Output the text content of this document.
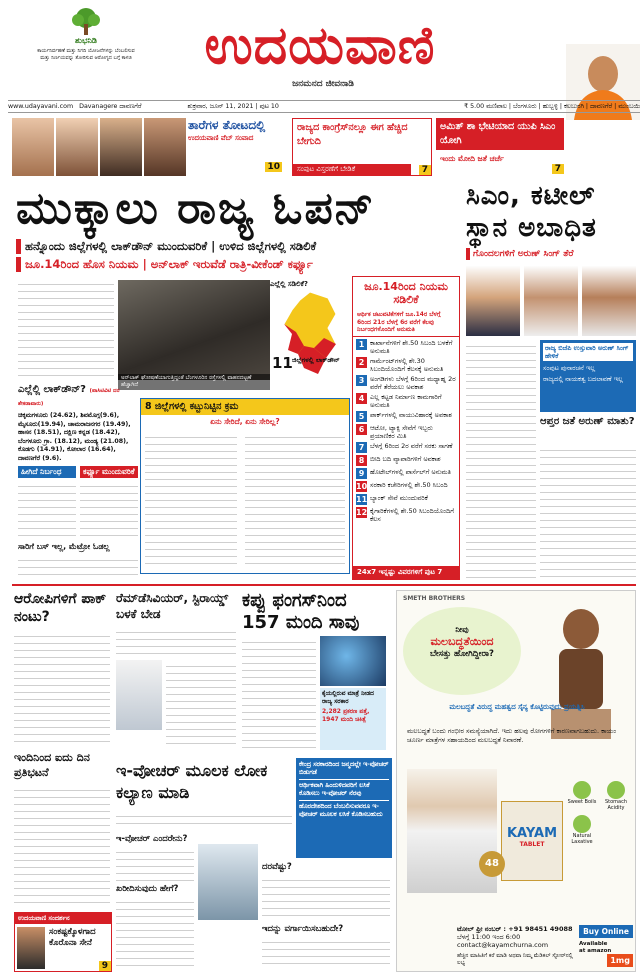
ಶುಭನಿಡಿ
ಕಾರ್ಯನಿರ್ವಹಣೆ ಮತ್ತು ನಿಗದಿ ಯೋಜನೆಗಳನ್ನು ಬೆಂಬಲಿಸುವ ಮತ್ತು ನಿರ್ಣಯವನ್ನು ತೋರಿಸುವ ಆರೋಗ್ಯದ ಬಗ್ಗೆ ಕಾಳಜಿ	ಉದಯವಾಣಿ
ಜನಮನದ ಜೀವನಾಡಿ
www.udayavani.com Davanagere ದಾವಣಗೆರೆ	ಶುಕ್ರವಾರ, ಜೂನ್ 11, 2021 | ಪುಟ 10	₹ 5.00 ಮಣಿಪಾಲ | ಬೆಂಗಳೂರು | ಹುಬ್ಬಳ್ಳಿ | ಕಲಬುರಗಿ | ದಾವಣಗೆರೆ | ಮುಂಬಯಿ
ತಾರೆಗಳ ತೋಟದಲ್ಲಿ
ಉದಯವಾಣಿ ವೆಬ್ ಸಂವಾದ
10
ರಾಜ್ಯದ ಕಾಂಗ್ರೆಸ್‌ನಲ್ಲೂ ಈಗ ಹೆಚ್ಚಿದ ಬೇಗುದಿ
ಸಂಪುಟ ವಿಸ್ತರಣೆಗೆ ಬೇಡಿಕೆ	7
ಅಮಿತ್ ಶಾ ಭೇಟಿಯಾದ ಯುಪಿ ಸಿಎಂ ಯೋಗಿ
ಇಂದು ಮೋದಿ ಜತೆ ಚರ್ಚೆ
7
ಮುಕ್ಕಾಲು ರಾಜ್ಯ ಓಪನ್
ಹನ್ನೊಂದು ಜಿಲ್ಲೆಗಳಲ್ಲಿ ಲಾಕ್‌ಡೌನ್ ಮುಂದುವರಿಕೆ | ಉಳಿದ ಜಿಲ್ಲೆಗಳಲ್ಲಿ ಸಡಿಲಿಕೆ
ಜೂ.14ರಿಂದ ಹೊಸ ನಿಯಮ | ಅನ್‌ಲಾಕ್ ಇರುವೆಡೆ ರಾತ್ರಿ-ವೀಕೆಂಡ್ ಕರ್ಫ್ಯೂ
ಅನ್‌ಲಾಕ್ ಘೋಷಣೆಯಾಗುತ್ತಿದ್ದಂತೆ ಬೆಂಗಳೂರಿನ ರಸ್ತೆಗಳಲ್ಲಿ ವಾಹನದಟ್ಟಣೆ ಹೆಚ್ಚಾಗಿದೆ
ಎಲ್ಲೆಲ್ಲಿ ಸಡಿಲಿಕೆ?
11 ಜಿಲ್ಲೆಗಳಲ್ಲಿ ಲಾಕ್‌ಡೌನ್
ಜೂ.14ರಿಂದ ನಿಯಮ ಸಡಿಲಿಕೆ
ಆರ್ಥಿಕ ಚಟುವಟಿಕೆಗಳಿಗೆ ಜೂ.14ರ ಬೆಳಗ್ಗೆ 6ರಿಂದ 21ರ ಬೆಳಗ್ಗೆ 6ರ ವರೆಗೆ ಕೆಲವು ನಿರ್ಬಂಧಗಳೊಂದಿಗೆ ಅನುಮತಿ
1 ಕಾರ್ಖಾನೆಗಳಿಗೆ ಶೇ.50 ಸಿಬಂದಿ ಬಳಕೆಗೆ ಅನುಮತಿ
2 ಗಾರ್ಮೆಂಟ್‌ಗಳಲ್ಲಿ ಶೇ.30 ಸಿಬಂದಿಯೊಂದಿಗೆ ಕೆಲಸಕ್ಕೆ ಅನುಮತಿ
3 ಅಂಗಡಿಗಳು ಬೆಳಗ್ಗೆ 6ರಿಂದ ಮಧ್ಯಾಹ್ನ 2ರ ವರೆಗೆ ತೆರೆಯಲು ಅವಕಾಶ
4 ಎಲ್ಲ ಕಟ್ಟಡ ನಿರ್ಮಾಣ ಕಾಮಗಾರಿಗೆ ಅನುಮತಿ
5 ಪಾರ್ಕ್‌ಗಳಲ್ಲಿ ವಾಯುವಿಹಾರಕ್ಕೆ ಅವಕಾಶ
6 ಆಟೋ, ಟ್ಯಾಕ್ಸಿ ಸೇವೆಗೆ ಇಬ್ಬರು ಪ್ರಯಾಣಿಕರ ಮಿತಿ
7 ಬೆಳಗ್ಗೆ 6ರಿಂದ 2ರ ವರೆಗೆ ಸರಕು ಸಾಗಣೆ
8 ಬೀದಿ ಬದಿ ವ್ಯಾಪಾರಿಗಳಿಗೆ ಅವಕಾಶ
9 ಹೊಟೇಲ್‌ಗಳಲ್ಲಿ ಪಾರ್ಸೆಲ್‌ಗೆ ಅನುಮತಿ
10 ಸರಕಾರಿ ಕಚೇರಿಗಳಲ್ಲಿ ಶೇ.50 ಸಿಬಂದಿ
11 ಬ್ಯಾಂಕ್ ಸೇವೆ ಮುಂದುವರಿಕೆ
12 ಕೈಗಾರಿಕೆಗಳಲ್ಲಿ ಶೇ.50 ಸಿಬಂದಿಯೊಂದಿಗೆ ಕೆಲಸ
24x7 ಇನ್ನಷ್ಟು ವಿವರಗಳಿಗೆ ಪುಟ 7
ಎಲ್ಲೆಲ್ಲಿ ಲಾಕ್‌ಡೌನ್? (ಪಾಸಿಟಿವಿಟಿ ದರ ಶೇಕಡಾವಾರು)
ಚಿಕ್ಕಮಗಳೂರು (24.62), ಶಿವಮೊಗ್ಗ(9.6), ಮೈಸೂರು(19.94), ಚಾಮರಾಜನಗರ (19.49), ಹಾಸನ (18.51), ದಕ್ಷಿಣ ಕನ್ನಡ (18.42), ಬೆಂಗಳೂರು ಗ್ರಾ. (18.12), ಮಂಡ್ಯ (21.08), ಕೊಡಗು (14.91), ಕೋಲಾರ (16.64), ದಾವಣಗೆರೆ (9.6).
8 ಜಿಲ್ಲೆಗಳಲ್ಲಿ ಕಟ್ಟುನಿಟ್ಟಿನ ಕ್ರಮ
ಏನು ಸೇರಿದೆ, ಏನು ಸೇರಿಲ್ಲ?
ಹೀಗಿದೆ ನಿರ್ಬಂಧ	ಕರ್ಫ್ಯೂ ಮುಂದುವರಿಕೆ
ಸಾರಿಗೆ ಬಸ್ ಇಲ್ಲ, ಮೆಟ್ರೋ ಓಡಲ್ಲ
ಸಿಎಂ, ಕಟೀಲ್ ಸ್ಥಾನ ಅಬಾಧಿತ
ಗೊಂದಲಗಳಿಗೆ ಅರುಣ್ ಸಿಂಗ್ ತೆರೆ
ರಾಜ್ಯ ಬಿಜೆಪಿ ಉಸ್ತುವಾರಿ ಅರುಣ್ ಸಿಂಗ್ ಹೇಳಿಕೆ
ಸಂಪುಟ ಪುನಾರಚನೆ ಇಲ್ಲ
ರಾಜ್ಯದಲ್ಲಿ ನಾಯಕತ್ವ ಬದಲಾವಣೆ ಇಲ್ಲ
ಆಪ್ತರ ಜತೆ ಅರುಣ್ ಮಾತು?
ಆರೋಪಿಗಳಿಗೆ ಪಾಕ್ ನಂಟು?
ಇಂದಿನಿಂದ ಐದು ದಿನ ಪ್ರತಿಭಟನೆ
ರೆಮ್‌ಡೆಸಿವಿಯರ್, ಸ್ಟಿರಾಯ್ಡ್ ಬಳಕೆ ಬೇಡ
ಕಪ್ಪು ಫಂಗಸ್‌ನಿಂದ 157 ಮಂದಿ ಸಾವು
ಕೈಯಲ್ಲಿರುವ ಮಾತ್ರೆ ನೀಡದ ರಾಜ್ಯ ಸರಕಾರ
2,282 ಪ್ರಕರಣ ಪತ್ತೆ, 1947 ಮಂದಿ ಚಿಕಿತ್ಸೆ
ಇ-ವೋಚರ್ ಮೂಲಕ ಲೋಕ ಕಲ್ಯಾಣ ಮಾಡಿ
ಕೇಂದ್ರ ಸರಕಾರದಿಂದ ಜನ್ಮದಲ್ಲೇ ಇ-ವೋಚರ್ ಬಿಡುಗಡೆ
ಆರ್ಥಿಕವಾಗಿ ಹಿಂದುಳಿದವರಿಗೆ ಲಸಿಕೆ ಕೊಡಿಸಲು ಇ-ವೋಚರ್ ನೆರವು
ಹೊರದೇಶದಿಂದ ಬೆಂಬಲಿಸುವವರೂ ಇ-ವೋಚರ್ ಮೂಲಕ ಲಸಿಕೆ ಕೊಡಿಸಬಹುದು
ಇ-ವೋಚರ್ ಎಂದರೇನು?
ಖರೀದಿಸುವುದು ಹೇಗೆ?
ದರವೆಷ್ಟು?
ಇದನ್ನು ವರ್ಗಾಯಿಸಬಹುದೇ?
ಉದಯವಾಣಿ ಸಂದರ್ಶನ
ಸಂಕಷ್ಟಕ್ಕೊಳಗಾದ ಕೊರೊನಾ ಸೇನೆ
9
SMETH BROTHERS
ನೀವು
ಮಲಬದ್ಧತೆಯಿಂದ
ಬೇಸತ್ತು ಹೋಗಿದ್ದೀರಾ?
ಮಲಬದ್ಧತೆ ವಿರುದ್ಧ ಮಹತ್ವದ ಸೈನ್ಯ ಕೊಟ್ಟಿರುವುದು ಪ್ರಯತ್ನಿಸಿ
ಮಲಬದ್ಧತೆ ಬಂದು ಗಂಭೀರ ಸಮಸ್ಯೆಯಾಗಿದೆ. ಇದು ಹಲವು ರೋಗಗಳಿಗೆ ಕಾರಣವಾಗಬಹುದು. ಕಾಯಂ ಚೂರ್ಣ ಮಾತ್ರೆಗಳ ಸಹಾಯದಿಂದ ಮಲಬದ್ಧತೆ ನಿವಾರಣೆ.
KAYAM
TABLET
48
Sweet Boils	Stomach Acidity
Natural Laxative
ಟೋಲ್ ಫ್ರೀ ನಂಬರ್ : +91 98451 49088
ಬೆಳಗ್ಗೆ 11:00 ಇಂದ 6:00
contact@kayamchurna.com
ಹೆಚ್ಚಿನ ಮಾಹಿತಿಗೆ ಕರೆ ಮಾಡಿ ಅಥವಾ ನಿಮ್ಮ ಮೆಡಿಕಲ್ ಸ್ಟೋರ್‌ನಲ್ಲಿ ಲಭ್ಯ
Buy Online
Available at amazon
1mg
